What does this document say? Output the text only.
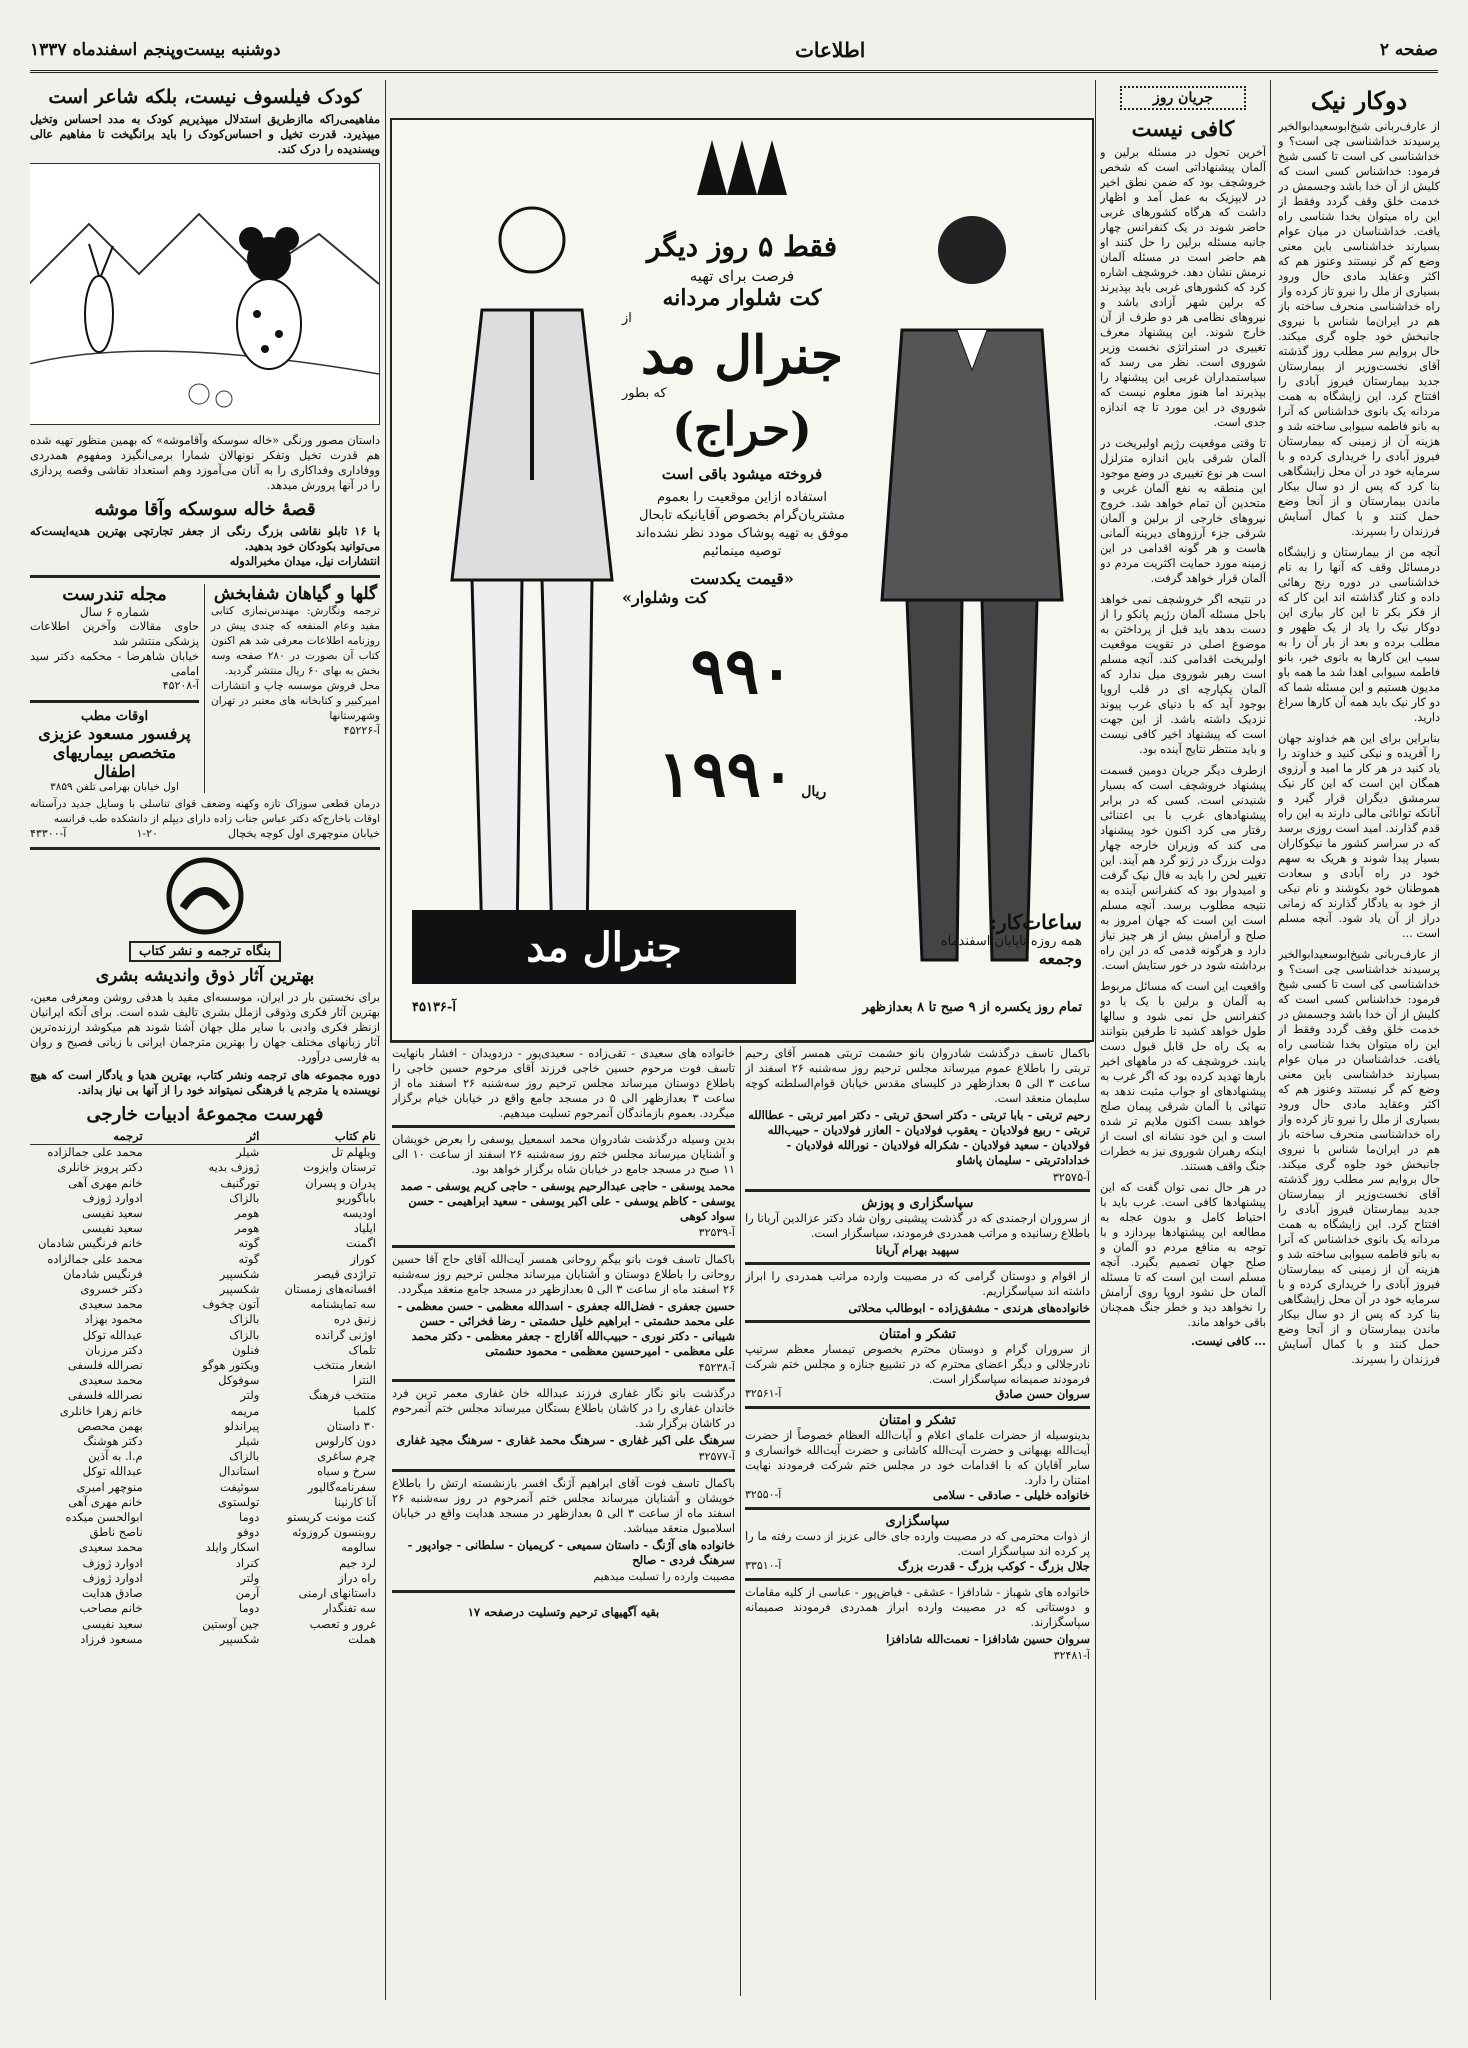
صفحه ۲
اطلاعات
دوشنبه بیست‌وپنجم اسفندماه ۱۳۳۷
دوکار نیک

از عارف‌ربانی شیخ‌ابوسعیدابوالخیر پرسیدند خداشناسی چی است؟ و خداشناسی کی است تا کسی شیخ فرمود: خداشناس کسی است که کلیش از آن خدا باشد وجسمش در خدمت خلق وقف گردد وفقط از این راه میتوان بخدا شناسی راه یافت. خداشناسان در میان عوام بسیارند خداشناسی باین معنی وضع کم گر نیستند وعنوز هم که اکثر وعقاید مادی حال ورود بسیاری از ملل را نیرو تاز کرده واز راه خداشناسی منحرف ساخته باز هم در ایران‌ما شناس با نیروی جانبخش خود جلوه گری میکند. حال بروایم سر مطلب روز گذشته آقای نخست‌وزیر از بیمارستان جدید بیمارستان فیروز آبادی را افتتاح کرد. این زایشگاه به همت مردانه یک بانوی خداشناس که آنرا به بانو فاطمه سیوابی ساخته شد و هزینه آن از زمینی که بیمارستان فیروز آبادی را خریداری کرده و با سرمایه خود در آن محل زایشگاهی بنا کرد که پس از دو سال بیکار ماندن بیمارستان و از آنجا وضع حمل کنند و با کمال آسایش فرزندان را بسپرند.

آنچه من از بیمارستان و زایشگاه درمسائل وقف که آنها را به نام خداشناسی در دوره رنج رهائی داده و کنار گذاشته اند این کار که از فکر بکر تا این کار بیاری این دوکار نیک را یاد از یک ظهور و مطلب برده و بعد از بار آن را به سبب این کارها به بانوی خیر، بانو فاطمه سیوابی اهدا شد ما همه باو مدیون هستیم و این مسئله شما که دو کار نیک باید همه آن کارها سراغ دارید.

بنابراین برای این هم خداوند جهان را آفریده و نیکی کنید و خداوند را یاد کنید در هر کار ما امید و آرزوی همگان این است که این کار نیک سرمشق دیگران قرار گیرد و آنانکه توانائی مالی دارند به این راه قدم گذارند. امید است روزی برسد که در سراسر کشور ما نیکوکاران بسیار پیدا شوند و هریک به سهم خود در راه آبادی و سعادت هموطنان خود بکوشند و نام نیکی از خود به یادگار گذارند که زمانی دراز از آن یاد شود. آنچه مسلم است ...

از عارف‌ربانی شیخ‌ابوسعیدابوالخیر پرسیدند خداشناسی چی است؟ و خداشناسی کی است تا کسی شیخ فرمود: خداشناس کسی است که کلیش از آن خدا باشد وجسمش در خدمت خلق وقف گردد وفقط از این راه میتوان بخدا شناسی راه یافت. خداشناسان در میان عوام بسیارند خداشناسی باین معنی وضع کم گر نیستند وعنوز هم که اکثر وعقاید مادی حال ورود بسیاری از ملل را نیرو تاز کرده واز راه خداشناسی منحرف ساخته باز هم در ایران‌ما شناس با نیروی جانبخش خود جلوه گری میکند. حال بروایم سر مطلب روز گذشته آقای نخست‌وزیر از بیمارستان جدید بیمارستان فیروز آبادی را افتتاح کرد. این زایشگاه به همت مردانه یک بانوی خداشناس که آنرا به بانو فاطمه سیوابی ساخته شد و هزینه آن از زمینی که بیمارستان فیروز آبادی را خریداری کرده و با سرمایه خود در آن محل زایشگاهی بنا کرد که پس از دو سال بیکار ماندن بیمارستان و از آنجا وضع حمل کنند و با کمال آسایش فرزندان را بسپرند.

جریان روز
کافی نیست

آخرین تحول در مسئله برلین و آلمان پیشنهاداتی است که شخص خروشچف بود که ضمن نطق اخیر در لایپزیک به عمل آمد و اظهار داشت که هرگاه کشورهای غربی حاضر شوند در یک کنفرانس چهار جانبه مسئله برلین را حل کنند او هم حاضر است در مسئله آلمان نرمش نشان دهد. خروشچف اشاره کرد که کشورهای غربی باید بپذیرند که برلین شهر آزادی باشد و نیروهای نظامی هر دو طرف از آن خارج شوند. این پیشنهاد معرف تغییری در استراتژی نخست وزیر شوروی است. نظر می رسد که سیاستمداران غربی این پیشنهاد را بپذیرند اما هنوز معلوم نیست که شوروی در این مورد تا چه اندازه جدی است.

تا وقتی موقعیت رژیم اولبریخت در آلمان شرقی باین اندازه متزلزل است هر نوع تغییری در وضع موجود این منطقه به نفع آلمان غربی و متحدین آن تمام خواهد شد. خروج نیروهای خارجی از برلین و آلمان شرقی جزء آرزوهای دیرینه آلمانی هاست و هر گونه اقدامی در این زمینه مورد حمایت اکثریت مردم دو آلمان قرار خواهد گرفت.

در نتیجه اگر خروشچف نمی خواهد باحل مسئله آلمان رژیم پانکو را از دست بدهد باید قبل از پرداختن به موضوع اصلی در تقویت موقعیت اولبریخت اقدامی کند. آنچه مسلم است رهبر شوروی میل ندارد که آلمان یکپارچه ای در قلب اروپا بوجود آید که با دنیای غرب پیوند نزدیک داشته باشد. از این جهت است که پیشنهاد اخیر کافی نیست و باید منتظر نتایج آینده بود.

ازطرف دیگر جریان دومین قسمت پیشنهاد خروشچف است که بسیار شنیدنی است. کسی که در برابر پیشنهادهای غرب با بی اعتنائی رفتار می کرد اکنون خود پیشنهاد می کند که وزیران خارجه چهار دولت بزرگ در ژنو گرد هم آیند. این تغییر لحن را باید به فال نیک گرفت و امیدوار بود که کنفرانس آینده به نتیجه مطلوب برسد. آنچه مسلم است این است که جهان امروز به صلح و آرامش بیش از هر چیز نیاز دارد و هرگونه قدمی که در این راه برداشته شود در خور ستایش است.

واقعیت این است که مسائل مربوط به آلمان و برلین با یک یا دو کنفرانس حل نمی شود و سالها طول خواهد کشید تا طرفین بتوانند به یک راه حل قابل قبول دست یابند. خروشچف که در ماههای اخیر بارها تهدید کرده بود که اگر غرب به پیشنهادهای او جواب مثبت ندهد به تنهائی با آلمان شرقی پیمان صلح خواهد بست اکنون ملایم تر شده است و این خود نشانه ای است از اینکه رهبران شوروی نیز به خطرات جنگ واقف هستند.

در هر حال نمی توان گفت که این پیشنهادها کافی است. غرب باید با احتیاط کامل و بدون عجله به مطالعه این پیشنهادها بپردازد و با توجه به منافع مردم دو آلمان و صلح جهان تصمیم بگیرد. آنچه مسلم است این است که تا مسئله آلمان حل نشود اروپا روی آرامش را نخواهد دید و خطر جنگ همچنان باقی خواهد ماند.

... کافی نیست.

فقط ۵ روز دیگر
فرصت برای تهیه
کت شلوار مردانه
از
جنرال مد
که بطور
(حراج)
فروخته میشود باقی است
استفاده ازاین موقعیت را بعموم مشتریان‌گرام بخصوص آقایانیکه تابحال موفق به تهیه پوشاک مودد نظر نشده‌اند توصیه مینمائیم
«قیمت یکدست
کت وشلوار»
۹۹۰
ریال
۱۹۹۰
ساعات‌کار:
همه روزه تاپایان اسفندماه
وجمعه
جنرال مد
تمام روز یکسره از ۹ صبح تا ۸ بعدازظهر
آ-۴۵۱۳۶

باکمال تاسف درگذشت شادروان بانو حشمت تربتی همسر آقای رحیم تربتی را باطلاع عموم میرساند مجلس ترحیم روز سه‌شنبه ۲۶ اسفند از ساعت ۳ الی ۵ بعدازظهر در کلیسای مقدس خیابان قوام‌السلطنه کوچه سلیمان منعقد است.

رحیم تربتی - بابا تربتی - دکتر اسحق تربتی - دکتر امیر تربتی - عطاالله تربتی - ربیع فولادیان - یعقوب فولادیان - العازر فولادیان - حبیب‌الله فولادیان - سعید فولادیان - شکراله فولادیان - نورالله فولادیان - خدادادتربتی - سلیمان پاشاو

آ-۳۲۵۷۵

سپاسگزاری و پوزش

از سروران ارجمندی که در گذشت پیشینی روان شاد دکتر عزالدین آریانا را باطلاع رسانیده و مراتب همدردی فرمودند، سپاسگزار است.

سپهبد بهرام آریانا

از اقوام و دوستان گرامی که در مصیبت وارده مراتب همدردی را ابراز داشته اند سپاسگزاریم.

خانواده‌های هرندی - مشفق‌زاده - ابوطالب محلاتی

تشکر و امتنان

از سروران گرام و دوستان محترم بخصوص تیمسار معظم سرتیپ نادرجلالی و دیگر اعضای محترم که در تشییع جنازه و مجلس ختم شرکت فرمودند صمیمانه سپاسگزار است.

سروان حسن صادق
آ-۳۲۵۶۱
تشکر و امتنان

بدینوسیله از حضرات علمای اعلام و آیات‌الله العظام خصوصاً از حضرت آیت‌الله بهبهانی و حضرت آیت‌الله کاشانی و حضرت آیت‌الله خوانساری و سایر آقایان که با اقدامات خود در مجلس ختم شرکت فرمودند نهایت امتنان را دارد.

خانواده خلیلی - صادقی - سلامی
آ-۳۲۵۵۰
سپاسگزاری

از ذوات محترمی که در مصیبت وارده جای خالی عزیز از دست رفته ما را پر کرده اند سپاسگزار است.

جلال بزرگ - کوکب بزرگ - قدرت بزرگ
آ-۳۳۵۱۰

خانواده های شهباز - شادافزا - عشقی - فیاض‌پور - عباسی از کلیه مقامات و دوستانی که در مصیبت وارده ابراز همدردی فرمودند صمیمانه سپاسگزارند.

سروان حسین شادافزا - نعمت‌الله شادافزا

آ-۳۲۴۸۱

خانواده های سعیدی - تقی‌زاده - سعیدی‌پور - دردویدان - افشار بانهایت تاسف فوت مرحوم حسین خاجی فرزند آقای مرحوم حسین خاجی را باطلاع دوستان میرساند مجلس ترحیم روز سه‌شنبه ۲۶ اسفند ماه از ساعت ۳ بعدازظهر الی ۵ در مسجد جامع واقع در خیابان خیام برگزار میگردد. بعموم بازماندگان آنمرحوم تسلیت میدهیم.

بدین وسیله درگذشت شادروان محمد اسمعیل یوسفی را بعرض خویشان و آشنایان میرساند مجلس ختم روز سه‌شنبه ۲۶ اسفند از ساعت ۱۰ الی ۱۱ صبح در مسجد جامع در خیابان شاه برگزار خواهد بود.

محمد یوسفی - حاجی عبدالرحیم یوسفی - حاجی کریم یوسفی - صمد یوسفی - کاظم یوسفی - علی اکبر یوسفی - سعید ابراهیمی - حسن سواد کوهی

آ-۳۲۵۳۹

باکمال تاسف فوت بانو بیگم روحانی همسر آیت‌الله آقای حاج آقا حسین روحانی را باطلاع دوستان و آشنایان میرساند مجلس ترحیم روز سه‌شنبه ۲۶ اسفند ماه از ساعت ۳ الی ۵ بعدازظهر در مسجد جامع منعقد میگردد.

حسین جعفری - فضل‌الله جعفری - اسدالله معظمی - حسن معظمی - علی محمد حشمتی - ابراهیم خلیل حشمتی - رضا فخرائی - حسن شیبانی - دکتر نوری - حبیب‌الله آقاراج - جعفر معظمی - دکتر محمد علی معظمی - امیرحسین معظمی - محمود حشمتی

آ-۴۵۲۳۸

درگذشت بانو نگار غفاری فرزند عبدالله خان غفاری معمر ترین فرد خاندان غفاری را در کاشان باطلاع بستگان میرساند مجلس ختم آنمرحوم در کاشان برگزار شد.

سرهنگ علی اکبر غفاری - سرهنگ محمد غفاری - سرهنگ مجید غفاری

آ-۳۲۵۷۷

باکمال تاسف فوت آقای ابراهیم آژنگ افسر بازنشسته ارتش را باطلاع خویشان و آشنایان میرساند مجلس ختم آنمرحوم در روز سه‌شنبه ۲۶ اسفند ماه از ساعت ۳ الی ۵ بعدازظهر در مسجد هدایت واقع در خیابان اسلامبول منعقد میباشد.

خانواده های آژنگ - داستان سمیعی - کریمیان - سلطانی - جوادپور - سرهنگ فردی - صالح

مصیبت وارده را تسلیت میدهیم

بقیه آگهیهای ترحیم وتسلیت درصفحه ۱۷

کودک فیلسوف نیست، بلکه شاعر است

مفاهیمی‌راکه ماازطریق استدلال میپذیریم کودک به مدد احساس وتخیل میپذیرد. قدرت تخیل و احساس‌کودک را باید برانگیخت تا مفاهیم عالی وپسندیده را درک کند.

داستان مصور ورنگی «خاله سوسکه وآقاموشه» که بهمین منظور تهیه شده هم قدرت تخیل وتفکر نونهالان شمارا برمی‌انگیزد ومفهوم همدردی ووفاداری وفداکاری را به آنان می‌آموزد وهم استعداد نقاشی وقصه پردازی را در آنها پرورش میدهد.

قصهٔ خاله سوسکه وآقا موشه

با ۱۶ تابلو نقاشی بزرگ رنگی از جعفر تجارتچی بهترین هدیه‌ایست‌که می‌توانید بکودکان خود بدهید.

انتشارات نیل، میدان مخبرالدوله

گلها و گیاهان شفابخش

ترجمه ونگارش: مهندس‌نمازی کتابی مفید وعام المنفعه که چندی پیش در روزنامه اطلاعات معرفی شد هم اکنون کتاب آن بصورت در ۲۸۰ صفحه وسه بخش به بهای ۶۰ ریال منتشر گردید.

محل فروش موسسه چاپ و انتشارات امیرکبیر و کتابخانه های معتبر در تهران وشهرستانها

آ-۴۵۲۲۶

مجله تندرست
شماره ۶ سال

حاوی مقالات وآخرین اطلاعات پزشکی منتشر شد

خیابان شاهرضا - محکمه دکتر سید امامی

آ-۴۵۲۰۸

اوقات مطب
پرفسور مسعود عزیزی
متخصص بیماریهای اطفال
اول خیابان بهرامی تلفن ۳۸۵۹

درمان قطعی سوزاک تازه وکهنه وضعف قوای تناسلی با وسایل جدید درآستانه اوقات باخارج‌که دکتر عباس جناب زاده دارای دیپلم از دانشکده طب فرانسه

خیابان منوچهری اول کوچه یخچال
۱-۲۰
آ-۴۳۳۰۰
بنگاه ترجمه و نشر کتاب
بهترین آثار ذوق واندیشه بشری

برای نخستین بار در ایران، موسسه‌ای مفید با هدفی روشن ومعرفی معین، بهترین آثار فکری وذوقی ازملل بشری تالیف شده است. برای آنکه ایرانیان ازنظر فکری وادبی با سایر ملل جهان آشنا شوند هم میکوشد ارزنده‌ترین آثار زبانهای مختلف جهان را بهترین مترجمان ایرانی با زبانی فصیح و روان به فارسی درآورد.

دوره مجموعه های ترجمه ونشر کتاب، بهترین هدیا و یادگار است که هیچ نویسنده یا مترجم یا فرهنگی نمیتواند خود را از آنها بی نیاز بداند.

فهرست مجموعهٔ ادبیات خارجی
نام کتاب
اثر
ترجمه
ویلهلم تل
شیلر
محمد علی جمالزاده
ترستان وایزوت
ژوزف بدیه
دکتر پرویز خانلری
پدران و پسران
تورگنیف
خانم مهری آهی
باباگوریو
بالزاک
ادوارد ژوزف
اودیسه
هومر
سعید نفیسی
ایلیاد
هومر
سعید نفیسی
اگمنت
گوته
خانم فرنگیس شادمان
کوراز
گوته
محمد علی جمالزاده
تراژدی قیصر
شکسپیر
فرنگیس شادمان
افسانه‌های زمستان
شکسپیر
دکتر خسروی
سه تمایشنامه
آتون چخوف
محمد سعیدی
زنبق دره
بالزاک
محمود بهزاد
اوژنی گرانده
بالزاک
عبدالله توکل
تلماک
فنلون
دکتر مرزبان
اشعار منتخب
ویکتور هوگو
نصرالله فلسفی
النترا
سوفوکل
محمد سعیدی
منتخب فرهنگ
ولتر
نصرالله فلسفی
کلمبا
مریمه
خانم زهرا خانلری
۳۰ داستان
پیراندلو
بهمن محصص
دون کارلوس
شیلر
دکتر هوشنگ
چرم ساغری
بالزاک
م.ا. به آذین
سرخ و سیاه
استاندال
عبدالله توکل
سفرنامه‌گالیور
سوئیفت
منوچهر امیری
آنا کارنینا
تولستوی
خانم مهری آهی
کنت مونت کریستو
دوما
ابوالحسن میکده
روبنسون کروزوئه
دوفو
ناصح ناطق
سالومه
اسکار وایلد
محمد سعیدی
لرد جیم
کنراد
ادوارد ژوزف
راه دراز
ولتر
ادوارد ژوزف
داستانهای ارمنی
آرمن
صادق هدایت
سه تفنگدار
دوما
خانم مصاحب
غرور و تعصب
جین آوستین
سعید نفیسی
هملت
شکسپیر
مسعود فرزاد
